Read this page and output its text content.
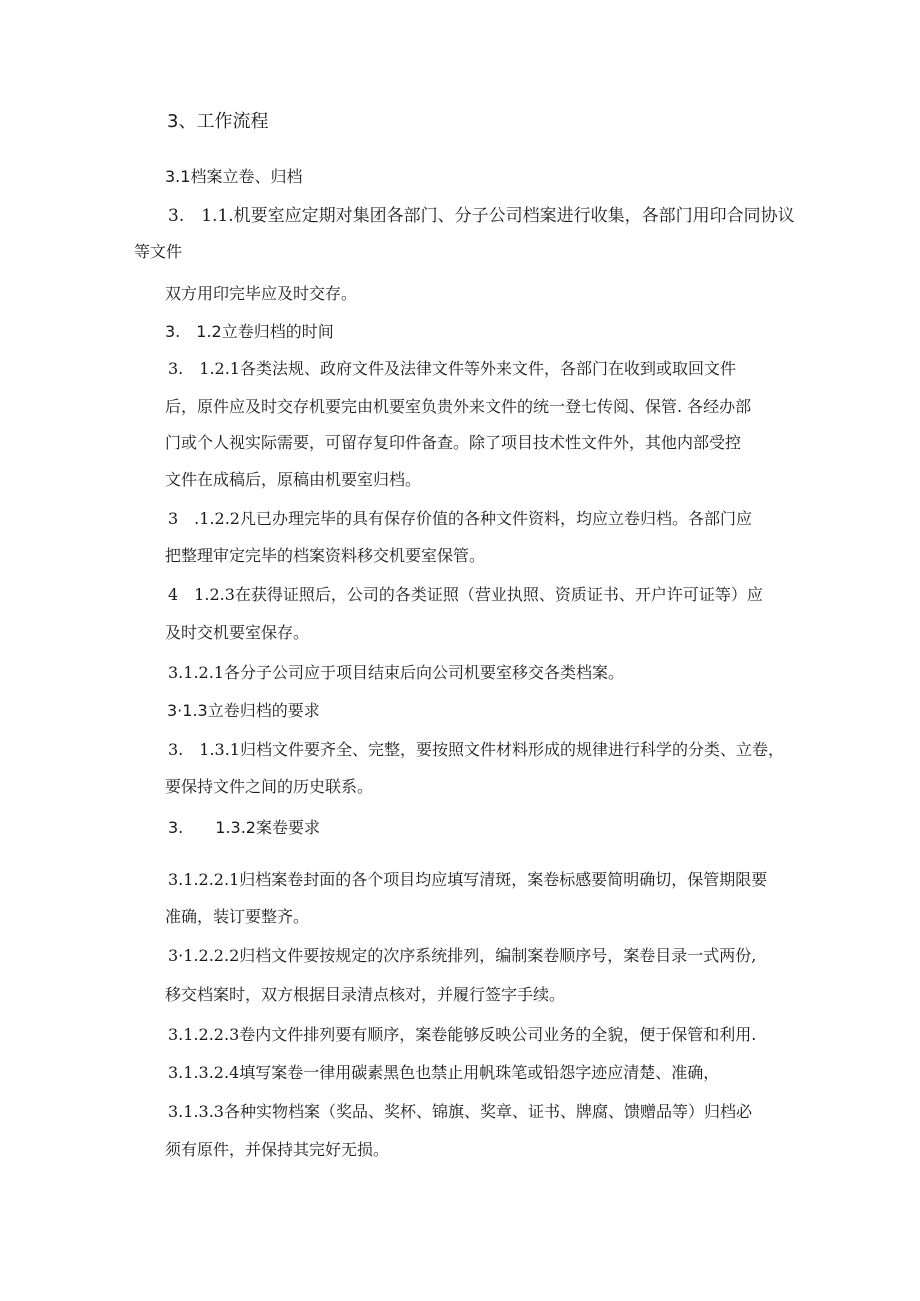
3、工作流程
3.1档案立卷、归档
3.　1.1.机要室应定期对集团各部门、分子公司档案进行收集，各部门用印合同协议
等文件
双方用印完毕应及时交存。
3.　1.2立卷归档的时间
3.　1.2.1各类法规、政府文件及法律文件等外来文件，各部门在收到或取回文件
后，原件应及时交存机要完由机要室负贵外来文件的统一登七传阅、保管. 各经办部
门或个人视实际需要，可留存复印件备查。除了项目技术性文件外，其他内部受控
文件在成稿后，原稿由机要室归档。
3　.1.2.2凡已办理完毕的具有保存价值的各种文件资料，均应立卷归档。各部门应
把整理审定完毕的档案资料移交机要室保管。
4　1.2.3在获得证照后，公司的各类证照（营业执照、资质证书、开户许可证等）应
及时交机要室保存。
3.1.2.1各分子公司应于项目结束后向公司机要室移交各类档案。
3·1.3立卷归档的要求
3.　1.3.1归档文件要齐全、完整，要按照文件材料形成的规律进行科学的分类、立卷，
要保持文件之间的历史联系。
3.　　1.3.2案卷要求
3.1.2.2.1归档案卷封面的各个项目均应填写清斑，案卷标感要简明确切，保管期限要
准确，装订要整齐。
3·1.2.2.2归档文件要按规定的次序系统排列，编制案卷顺序号，案卷目录一式两份,
移交档案时，双方根据目录清点核对，并履行签字手续。
3.1.2.2.3卷内文件排列要有顺序，案卷能够反映公司业务的全貌，便于保管和利用.
3.1.3.2.4填写案卷一律用碳素黑色也禁止用帆珠笔或铅怨字迹应清楚、准确，
3.1.3.3各种实物档案（奖品、奖杯、锦旗、奖章、证书、牌腐、馈赠品等）归档必
须有原件，并保持其完好无损。
